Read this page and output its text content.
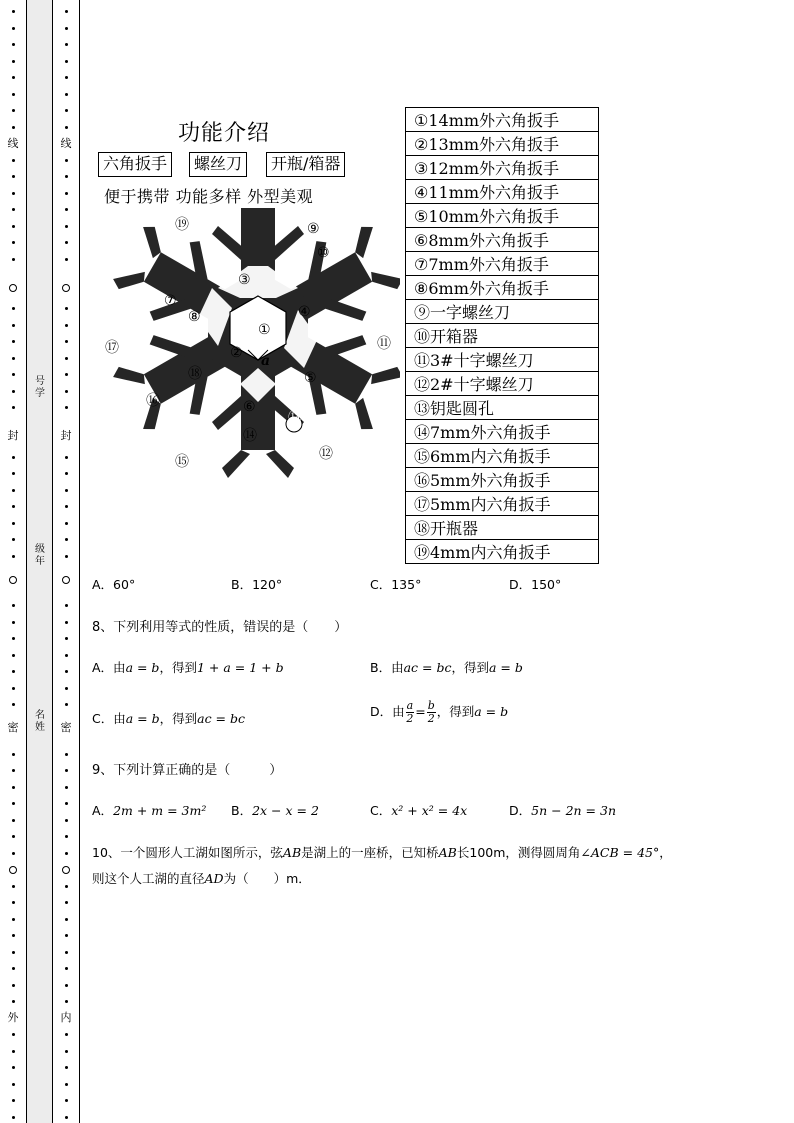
线
封
密
外
号学
级年
名姓
线
封
密
内
功能介绍
六角扳手	螺丝刀	开瓶/箱器
便于携带 功能多样 外型美观
a
①
②
③
④
⑤
⑥
⑦
⑧
⑨
⑩
⑪
⑫
⑬
⑭
⑮
⑯
⑰
⑱
⑲
①14mm外六角扳手
②13mm外六角扳手
③12mm外六角扳手
④11mm外六角扳手
⑤10mm外六角扳手
⑥8mm外六角扳手
⑦7mm外六角扳手
⑧6mm外六角扳手
⑨一字螺丝刀
⑩开箱器
⑪3#十字螺丝刀
⑫2#十字螺丝刀
⑬钥匙圆孔
⑭7mm外六角扳手
⑮6mm内六角扳手
⑯5mm外六角扳手
⑰5mm内六角扳手
⑱开瓶器
⑲4mm内六角扳手
A．60°	B．120°	C．135°	D．150°
8、下列利用等式的性质，错误的是（　　）
A．由a = b，得到1 + a = 1 + b	B．由ac = bc，得到a = b
C．由a = b，得到ac = bc	D．由 $\frac{a}{2} = \frac{b}{2}$ ，得到a = b
9、下列计算正确的是（　　　）
A．2m + m = 3m² B．2x − x = 2	C．x² + x² = 4x	D．5n − 2n = 3n
10、一个圆形人工湖如图所示，弦AB是湖上的一座桥，已知桥AB长100m，测得圆周角∠ACB = 45°，
则这个人工湖的直径AD为（　　）m．
